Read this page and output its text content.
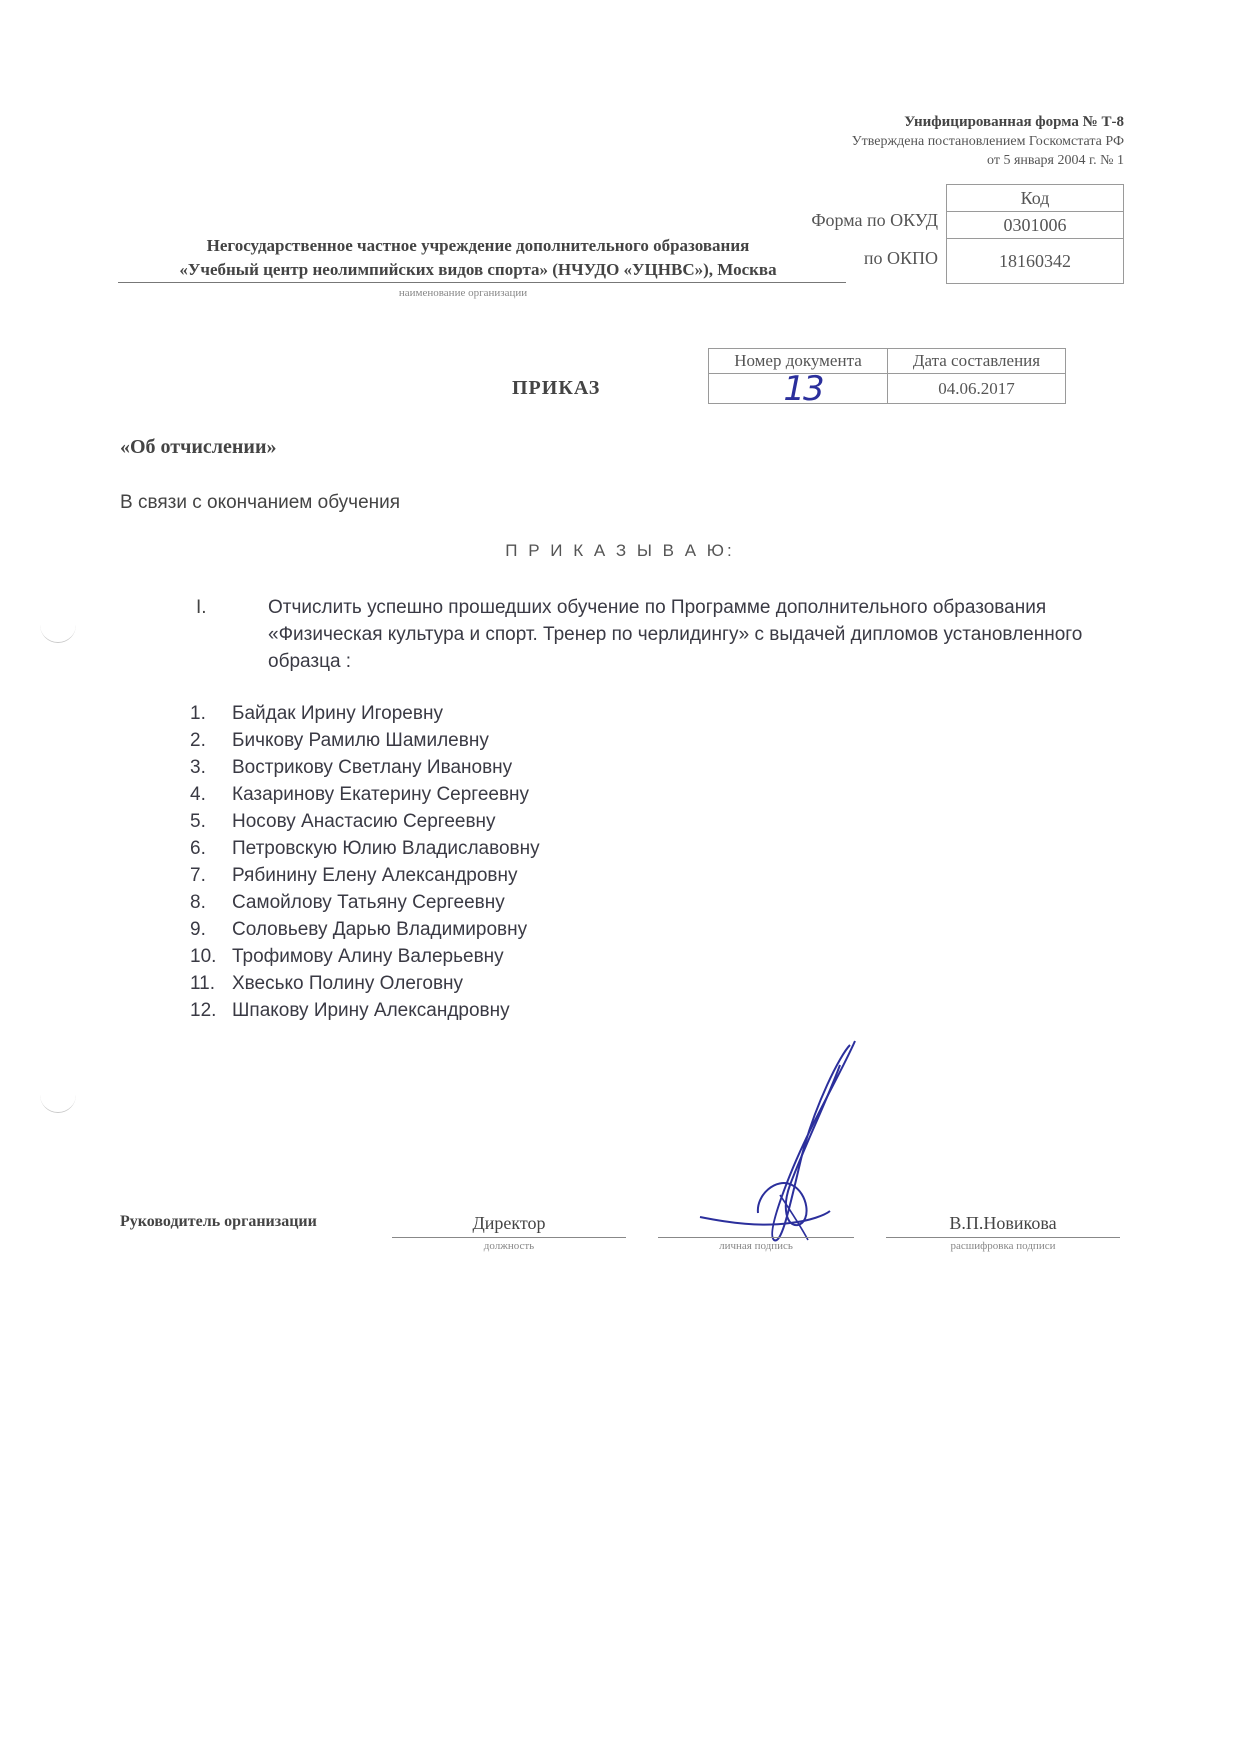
Унифицированная форма № Т-8
Утверждена постановлением Госкомстата РФ
от 5 января 2004 г. № 1
Код
Форма по ОКУД	0301006
по ОКПО	18160342
Негосударственное частное учреждение дополнительного образования
«Учебный центр неолимпийских видов спорта» (НЧУДО «УЦНВС»), Москва
наименование организации
ПРИКАЗ
Номер документа	Дата составления
13	04.06.2017
«Об отчислении»
В связи с окончанием обучения
П Р И К А З Ы В А Ю:
I.	Отчислить успешно прошедших обучение по Программе дополнительного образования «Физическая культура и спорт. Тренер по черлидингу» с выдачей дипломов установленного образца :
1.	Байдак Ирину Игоревну
2.	Бичкову Рамилю Шамилевну
3.	Вострикову Светлану Ивановну
4.	Казаринову Екатерину Сергеевну
5.	Носову Анастасию Сергеевну
6.	Петровскую Юлию Владиславовну
7.	Рябинину Елену Александровну
8.	Самойлову Татьяну Сергеевну
9.	Соловьеву Дарью Владимировну
10. Трофимову Алину Валерьевну
11. Хвесько Полину Олеговну
12. Шпакову Ирину Александровну
Руководитель организации	Директор
должность	личная подпись
В.П.Новикова
расшифровка подписи
